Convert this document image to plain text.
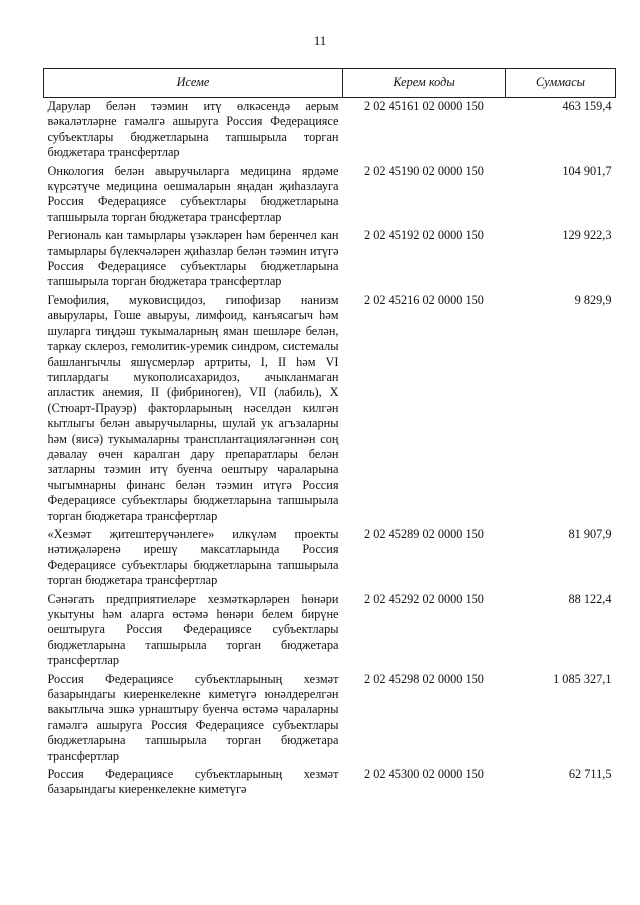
11
Исеме	Керем коды	Суммасы
Дарулар белән тәэмин итү өлкәсендә аерым вәкаләтләрне гамәлгә ашыруга Россия Федерациясе субъектлары бюджетларына тапшырыла торган бюджетара трансфертлар	2 02 45161 02 0000 150	463 159,4
Онкология белән авыручыларга медицина ярдәме күрсәтүче медицина оешмаларын яңадан җиһазлауга Россия Федерациясе субъектлары бюджетларына тапшырыла торган бюджетара трансфертлар	2 02 45190 02 0000 150	104 901,7
Региональ кан тамырлары үзәкләрен һәм беренчел кан тамырлары бүлекчәләрен җиһазлар белән тәэмин итүгә Россия Федерациясе субъектлары бюджетларына тапшырыла торган бюджетара трансфертлар	2 02 45192 02 0000 150	129 922,3
Гемофилия, муковисцидоз, гипофизар нанизм авырулары, Гоше авыруы, лимфоид, канъясагыч һәм шуларга тиңдәш тукымаларның яман шешләре белән, таркау склероз, гемолитик-уремик синдром, системалы башлангычлы яшүсмерләр артриты, I, II һәм VI типлардагы мукополисахаридоз, ачыкланмаган апластик анемия, II (фибриноген), VII (лабиль), X (Стюарт-Прауэр) факторларының нәселдән килгән кытлыгы белән авыручыларны, шулай ук агъзаларны һәм (яисә) тукымаларны трансплантацияләгәннән соң дәвалау өчен каралган дару препаратлары белән затларны тәэмин итү буенча оештыру чараларына чыгымнарны финанс белән тәэмин итүгә Россия Федерациясе субъектлары бюджетларына тапшырыла торган бюджетара трансфертлар	2 02 45216 02 0000 150	9 829,9
«Хезмәт җитештерүчәнлеге» илкүләм проекты нәтиҗәләренә ирешү максатларында Россия Федерациясе субъектлары бюджетларына тапшырыла торган бюджетара трансфертлар	2 02 45289 02 0000 150	81 907,9
Сәнәгать предприятиеләре хезмәткәрләрен һөнәри укытуны һәм аларга өстәмә һөнәри белем бирүне оештыруга Россия Федерациясе субъектлары бюджетларына тапшырыла торган бюджетара трансфертлар	2 02 45292 02 0000 150	88 122,4
Россия Федерациясе субъектларының хезмәт базарындагы киеренкелекне киметүгә юнәлдерелгән вакытлыча эшкә урнаштыру буенча өстәмә чараларны гамәлгә ашыруга Россия Федерациясе субъектлары бюджетларына тапшырыла торган бюджетара трансфертлар	2 02 45298 02 0000 150	1 085 327,1
Россия Федерациясе субъектларының хезмәт базарындагы киеренкелекне киметүгә	2 02 45300 02 0000 150	62 711,5
